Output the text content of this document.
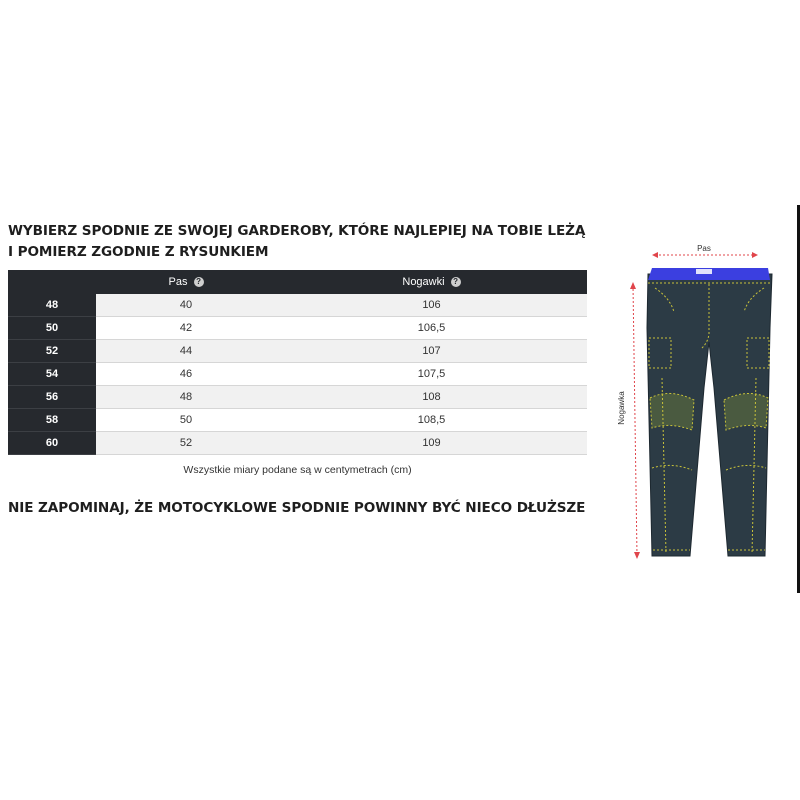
WYBIERZ SPODNIE ZE SWOJEJ GARDEROBY, KTÓRE NAJLEPIEJ NA TOBIE LEŻĄ
I POMIERZ ZGODNIE Z RYSUNKIEM
	Pas ?	Nogawki ?
48	40	106
50	42	106,5
52	44	107
54	46	107,5
56	48	108
58	50	108,5
60	52	109

Wszystkie miary podane są w centymetrach (cm)

NIE ZAPOMINAJ, ŻE MOTOCYKLOWE SPODNIE POWINNY BYĆ NIECO DŁUŻSZE
Pas
Nogawka
